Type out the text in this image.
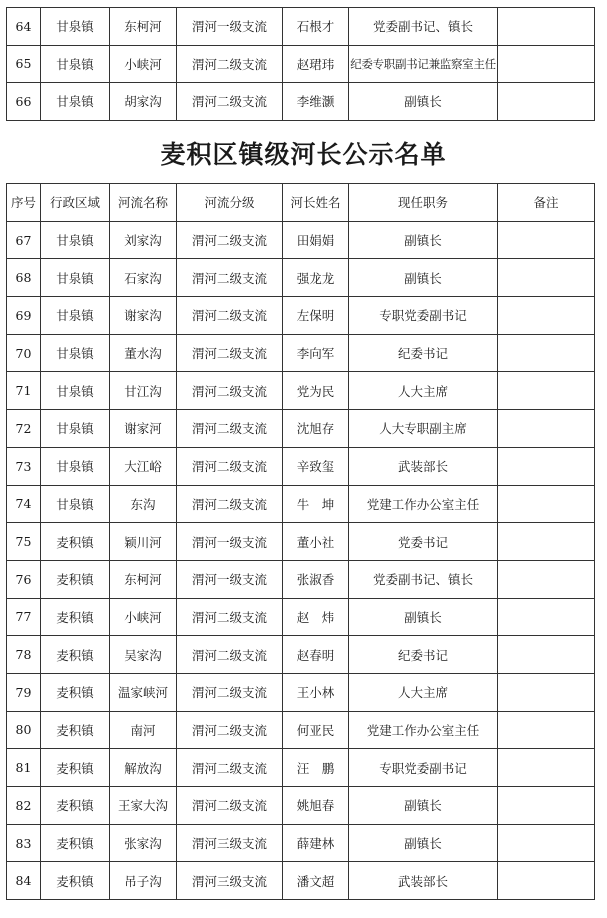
64	甘泉镇	东柯河	渭河一级支流	石根才	党委副书记、镇长	
65	甘泉镇	小峡河	渭河二级支流	赵珺玮	纪委专职副书记兼监察室主任	
66	甘泉镇	胡家沟	渭河二级支流	李维灏	副镇长	
麦积区镇级河长公示名单
序号	行政区域	河流名称	河流分级	河长姓名	现任职务	备注
67	甘泉镇	刘家沟	渭河二级支流	田娟娟	副镇长	
68	甘泉镇	石家沟	渭河二级支流	强龙龙	副镇长	
69	甘泉镇	谢家沟	渭河二级支流	左保明	专职党委副书记	
70	甘泉镇	董水沟	渭河二级支流	李向军	纪委书记	
71	甘泉镇	甘江沟	渭河二级支流	党为民	人大主席	
72	甘泉镇	谢家河	渭河二级支流	沈旭存	人大专职副主席	
73	甘泉镇	大江峪	渭河二级支流	辛致玺	武装部长	
74	甘泉镇	东沟	渭河二级支流	牛　坤	党建工作办公室主任	
75	麦积镇	颖川河	渭河一级支流	董小社	党委书记	
76	麦积镇	东柯河	渭河一级支流	张淑香	党委副书记、镇长	
77	麦积镇	小峡河	渭河二级支流	赵　炜	副镇长	
78	麦积镇	吴家沟	渭河二级支流	赵春明	纪委书记	
79	麦积镇	温家峡河	渭河二级支流	王小林	人大主席	
80	麦积镇	南河	渭河二级支流	何亚民	党建工作办公室主任	
81	麦积镇	解放沟	渭河二级支流	汪　鹏	专职党委副书记	
82	麦积镇	王家大沟	渭河二级支流	姚旭春	副镇长	
83	麦积镇	张家沟	渭河三级支流	薛建林	副镇长	
84	麦积镇	吊子沟	渭河三级支流	潘文超	武装部长	
